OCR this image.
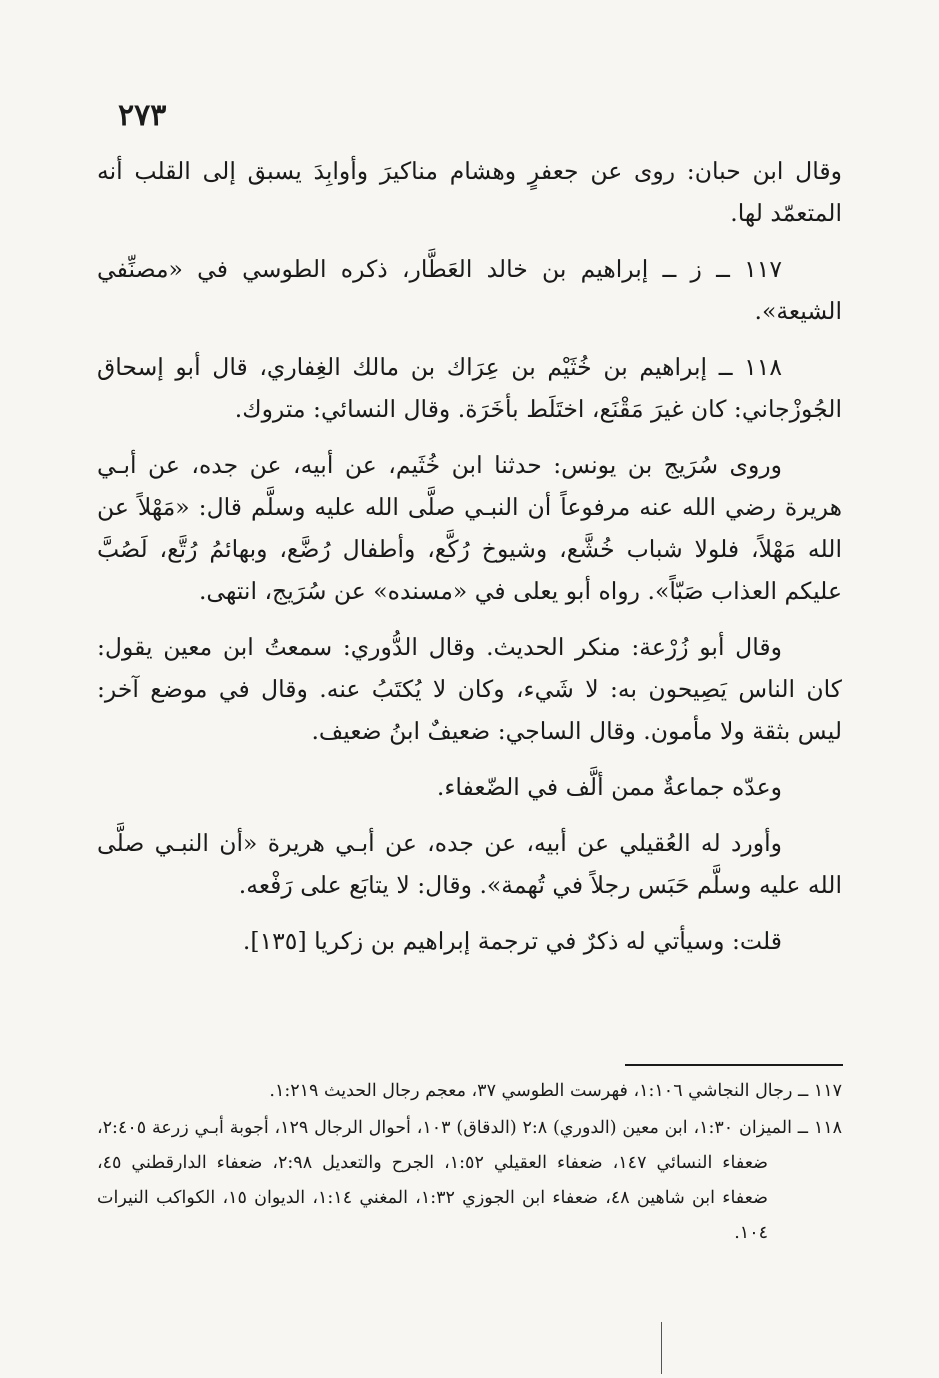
٢٧٣

وقال ابن حبان: روى عن جعفرٍ وهشام مناكيرَ وأوابِدَ يسبق إلى القلب أنه المتعمّد لها.

١١٧ ــ ز ــ إبراهيم بن خالد العَطَّار، ذكره الطوسي في «مصنِّفي الشيعة».

١١٨ ــ إبراهيم بن خُثَيْم بن عِرَاك بن مالك الغِفاري، قال أبو إسحاق الجُوزْجاني: كان غيرَ مَقْنَع، اختَلَط بأخَرَة. وقال النسائي: متروك.

وروى سُرَيج بن يونس: حدثنا ابن خُثَيم، عن أبيه، عن جده، عن أبـي هريرة رضي الله عنه مرفوعاً أن النبـي صلَّى الله عليه وسلَّم قال: «مَهْلاً عن الله مَهْلاً، فلولا شباب خُشَّع، وشيوخ رُكَّع، وأطفال رُضَّع، وبهائمُ رُتَّع، لَصُبَّ عليكم العذاب صَبّاً». رواه أبو يعلى في «مسنده» عن سُرَيج، انتهى.

وقال أبو زُرْعة: منكر الحديث. وقال الدُّوري: سمعتُ ابن معين يقول: كان الناس يَصِيحون به: لا شَيء، وكان لا يُكتَبُ عنه. وقال في موضع آخر: ليس بثقة ولا مأمون. وقال الساجي: ضعيفٌ ابنُ ضعيف.

وعدّه جماعةٌ ممن ألَّف في الضّعفاء.

وأورد له العُقيلي عن أبيه، عن جده، عن أبـي هريرة «أن النبـي صلَّى الله عليه وسلَّم حَبَس رجلاً في تُهمة». وقال: لا يتابَع على رَفْعه.

قلت: وسيأتي له ذكرٌ في ترجمة إبراهيم بن زكريا [١٣٥].

١١٧ ــ رجال النجاشي ١:١٠٦، فهرست الطوسي ٣٧، معجم رجال الحديث ١:٢١٩.

١١٨ ــ الميزان ١:٣٠، ابن معين (الدوري) ٢:٨ (الدقاق) ١٠٣، أحوال الرجال ١٢٩، أجوبة أبـي زرعة ٢:٤٠٥، ضعفاء النسائي ١٤٧، ضعفاء العقيلي ١:٥٢، الجرح والتعديل ٢:٩٨، ضعفاء الدارقطني ٤٥، ضعفاء ابن شاهين ٤٨، ضعفاء ابن الجوزي ١:٣٢، المغني ١:١٤، الديوان ١٥، الكواكب النيرات ١٠٤.
